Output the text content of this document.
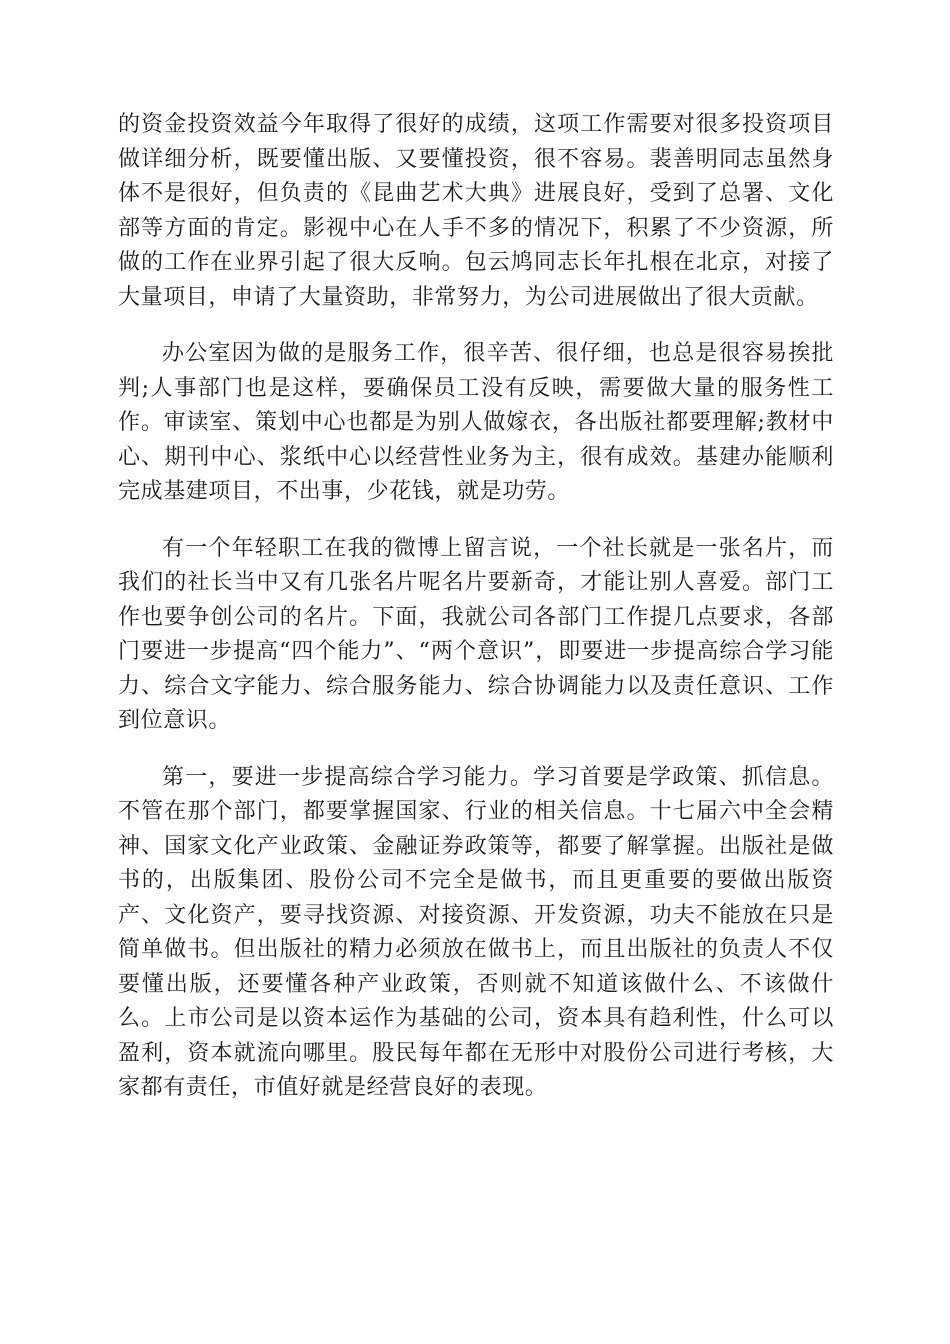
的资金投资效益今年取得了很好的成绩，这项工作需要对很多投资项目做详细分析，既要懂出版、又要懂投资，很不容易。裴善明同志虽然身体不是很好，但负责的《昆曲艺术大典》进展良好，受到了总署、文化部等方面的肯定。影视中心在人手不多的情况下，积累了不少资源，所做的工作在业界引起了很大反响。包云鸠同志长年扎根在北京，对接了大量项目，申请了大量资助，非常努力，为公司进展做出了很大贡献。

办公室因为做的是服务工作，很辛苦、很仔细，也总是很容易挨批判;人事部门也是这样，要确保员工没有反映，需要做大量的服务性工作。审读室、策划中心也都是为别人做嫁衣，各出版社都要理解;教材中心、期刊中心、浆纸中心以经营性业务为主，很有成效。基建办能顺利完成基建项目，不出事，少花钱，就是功劳。

有一个年轻职工在我的微博上留言说，一个社长就是一张名片，而我们的社长当中又有几张名片呢名片要新奇，才能让别人喜爱。部门工作也要争创公司的名片。下面，我就公司各部门工作提几点要求，各部门要进一步提高“四个能力”、“两个意识”，即要进一步提高综合学习能力、综合文字能力、综合服务能力、综合协调能力以及责任意识、工作到位意识。

第一，要进一步提高综合学习能力。学习首要是学政策、抓信息。不管在那个部门，都要掌握国家、行业的相关信息。十七届六中全会精神、国家文化产业政策、金融证券政策等，都要了解掌握。出版社是做书的，出版集团、股份公司不完全是做书，而且更重要的要做出版资产、文化资产，要寻找资源、对接资源、开发资源，功夫不能放在只是简单做书。但出版社的精力必须放在做书上，而且出版社的负责人不仅要懂出版，还要懂各种产业政策，否则就不知道该做什么、不该做什么。上市公司是以资本运作为基础的公司，资本具有趋利性，什么可以盈利，资本就流向哪里。股民每年都在无形中对股份公司进行考核，大家都有责任，市值好就是经营良好的表现。
